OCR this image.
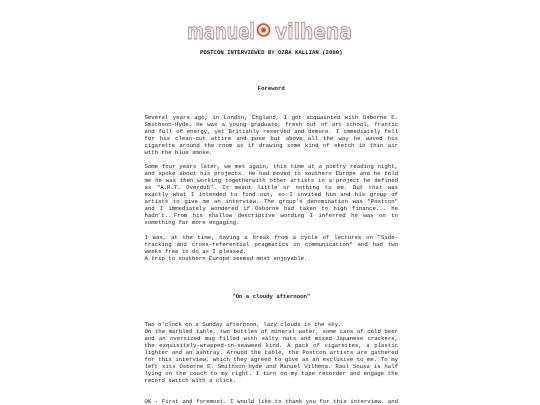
manuel vilhena
POSTCON INTERVIEWED BY OZRA KALLIAN (2000)
Foreword
Several years ago, in London, England, I got acquainted with Osborne E.
Smithson-Hyde. He was a young graduate, fresh out of art school, frantic
and full of energy, yet Britishly reserved and demure. I immediately fell
for his clean-cut attire and pose but above all the way he waved his
cigarette around the room as if drawing some kind of sketch in thin air
with the blue smoke.
Some four years later, we met again, this time at a poetry reading night,
and spoke about his projects. He had moved to southern Europe and he told
me he was then working togetherwith other artists in a project he defined
as "A.R.T. Overdub". It meant little or nothing to me. But that was
exactly what I intended to find out, so I invited him and his group of
artists to give me an interview. The group's denomination was "Postcon"
and I immediately wondered if Osborne had taken to high finance... he
hadn't. From his shallow descriptive wording I inferred he was on to
something far more engaging.
I was, at the time, having a break from a cycle of lectures on "Side-
tracking and cross-referential pragmatics in communication" and had two
weeks free to do as I pleased.
A trip to southern Europe seemed most enjoyable.
"On a cloudy afternoon"
Two o'clock on a Sunday afternoon, lazy clouds in the sky.
On the marbled table, two bottles of mineral water, some cans of cold beer
and an oversized mug filled with salty nuts and mixed Japanese crackers,
the exquisitely-wrapped-in-seaweed kind. A pack of cigarettes, a plastic
lighter and an ashtray. Around the table, the Postcon artists are gathered
for this interview, which they agreed to give as an exclusive to me. To my
left sits Osborne E. Smithson-Hyde and Manuel Vilhena. Raul Sousa is half
lying on the couch to my right. I turn on my tape recorder and engage the
record switch with a click.
OK · First and foremost. I would like to thank you for this interview. and
